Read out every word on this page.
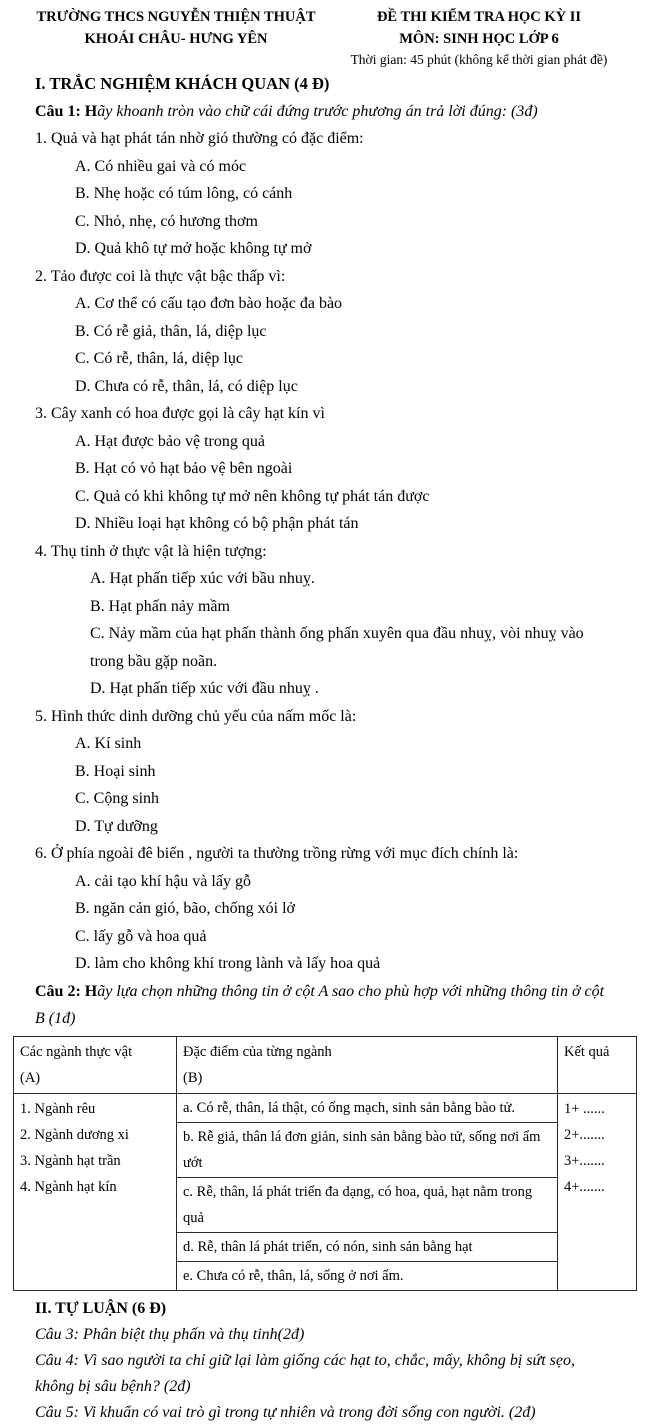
TRƯỜNG THCS NGUYỄN THIỆN THUẬT
KHOÁI CHÂU- HƯNG YÊN
ĐỀ THI KIỂM TRA HỌC KỲ II
MÔN: SINH HỌC LỚP 6
Thời gian: 45 phút (không kể thời gian phát đề)
I. TRẮC NGHIỆM KHÁCH QUAN (4 Đ)
Câu 1: Hãy khoanh tròn vào chữ cái đứng trước phương án trả lời đúng: (3đ)
1. Quả và hạt phát tán nhờ gió thường có đặc điểm:
A. Có nhiều gai và có móc
B. Nhẹ hoặc có túm lông, có cánh
C. Nhỏ, nhẹ, có hương thơm
D. Quả khô tự mở hoặc không tự mở
2. Tảo được coi là thực vật bậc thấp vì:
A. Cơ thể có cấu tạo đơn bào hoặc đa bào
B. Có rễ giả, thân, lá, diệp lục
C. Có rễ, thân, lá, diệp lục
D. Chưa có rễ, thân, lá, có diệp lục
3. Cây xanh có hoa được gọi là cây hạt kín vì
A. Hạt được bảo vệ trong quả
B. Hạt có vỏ hạt bảo vệ bên ngoài
C. Quả có khi không tự mở nên không tự phát tán được
D. Nhiều loại hạt không có bộ phận phát tán
4. Thụ tinh ở thực vật là hiện tượng:
A. Hạt phấn tiếp xúc với bầu nhuỵ.
B. Hạt phấn nảy mầm
C. Nảy mầm của hạt phấn thành ống phấn xuyên qua đầu nhuỵ, vòi nhuỵ vào trong bầu gặp noãn.
D. Hạt phấn tiếp xúc với đầu nhuỵ .
5. Hình thức dinh dưỡng chủ yếu của nấm mốc là:
A. Kí sinh
B. Hoại sinh
C. Cộng sinh
D. Tự dưỡng
6. Ở phía ngoài đê biển , người ta thường trồng rừng với mục đích chính là:
A. cải tạo khí hậu và lấy gỗ
B. ngăn cản gió, bão, chống xói lở
C. lấy gỗ và hoa quả
D. làm cho không khí trong lành và lấy hoa quả
Câu 2: Hãy lựa chọn những thông tin ở cột A sao cho phù hợp với những thông tin ở cột B (1đ)
Các ngành thực vật
(A)
Đặc điểm của từng ngành
(B)
Kết quả
1. Ngành rêu
2. Ngành dương xi
3. Ngành hạt trần
4. Ngành hạt kín
a. Có rễ, thân, lá thật, có ống mạch, sinh sản bằng bào tử.
b. Rễ giả, thân lá đơn giản, sinh sản bằng bào tử, sống nơi ẩm ướt
c. Rễ, thân, lá phát triển đa dạng, có hoa, quả, hạt nằm trong quả
d. Rễ, thân lá phát triển, có nón, sinh sản bằng hạt
e. Chưa có rễ, thân, lá, sống ở nơi ẩm.
1+ ......
2+.......
3+.......
4+.......
II. TỰ LUẬN (6 Đ)
Câu 3: Phân biệt thụ phấn và thụ tinh(2đ)
Câu 4: Vì sao người ta chỉ giữ lại làm giống các hạt to, chắc, mẩy, không bị sứt sẹo, không bị sâu bệnh? (2đ)
Câu 5: Vi khuẩn có vai trò gì trong tự nhiên và trong đời sống con người. (2đ)
